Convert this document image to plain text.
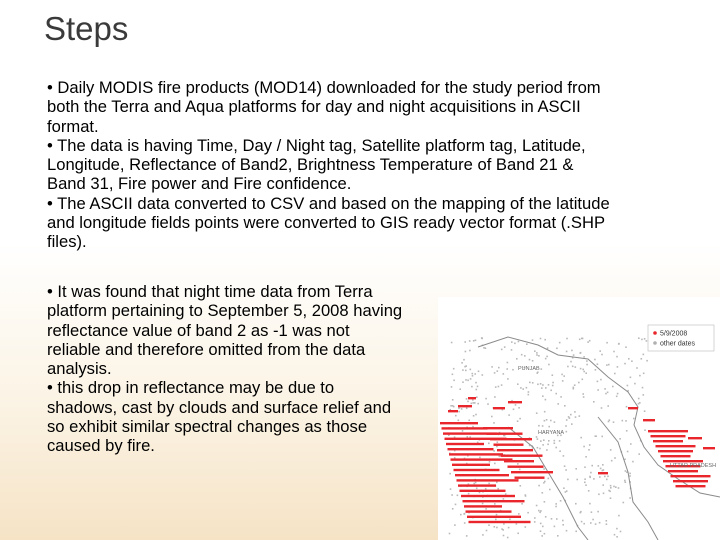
Steps
• Daily MODIS fire products (MOD14) downloaded for the study period from
both the Terra and Aqua platforms for day and night acquisitions in ASCII
format.
• The data is having Time, Day / Night tag, Satellite platform tag, Latitude,
Longitude, Reflectance of Band2, Brightness Temperature of Band 21 &
Band 31, Fire power and Fire confidence.
• The ASCII data converted to CSV and based on the mapping of the latitude
and longitude fields points were converted to GIS ready vector format (.SHP
files).
• It was found that night time data from Terra
platform pertaining to September 5, 2008 having
reflectance value of band 2 as -1 was not
reliable and therefore omitted from the data
analysis.
• this drop in reflectance may be due to
shadows, cast by clouds and surface relief and
so exhibit similar spectral changes as those
caused by fire.
PUNJAB
HARYANA
UTTAR PRADESH
5/9/2008
other dates
